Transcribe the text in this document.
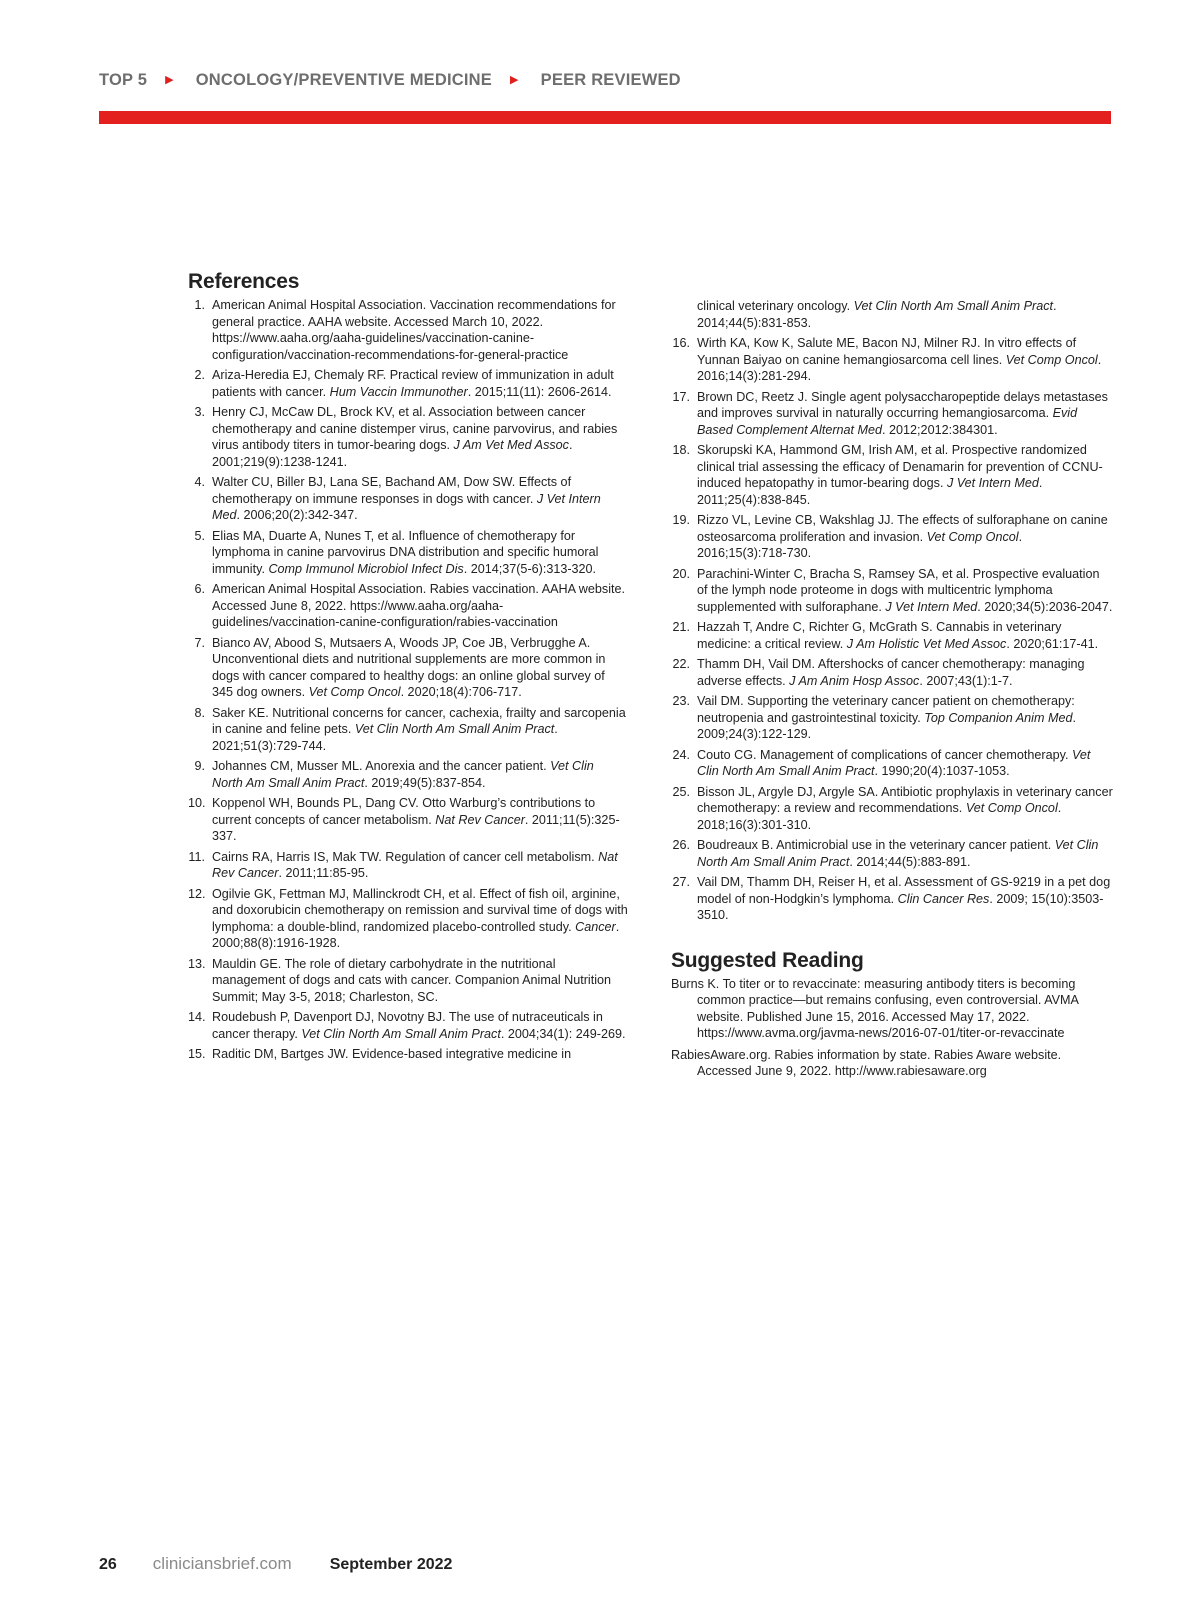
TOP 5 ▶ ONCOLOGY/PREVENTIVE MEDICINE ▶ PEER REVIEWED
References
1. American Animal Hospital Association. Vaccination recommendations for general practice. AAHA website. Accessed March 10, 2022. https://www.aaha.org/aaha-guidelines/vaccination-canine-configuration/vaccination-recommendations-for-general-practice
2. Ariza-Heredia EJ, Chemaly RF. Practical review of immunization in adult patients with cancer. Hum Vaccin Immunother. 2015;11(11): 2606-2614.
3. Henry CJ, McCaw DL, Brock KV, et al. Association between cancer chemotherapy and canine distemper virus, canine parvovirus, and rabies virus antibody titers in tumor-bearing dogs. J Am Vet Med Assoc. 2001;219(9):1238-1241.
4. Walter CU, Biller BJ, Lana SE, Bachand AM, Dow SW. Effects of chemotherapy on immune responses in dogs with cancer. J Vet Intern Med. 2006;20(2):342-347.
5. Elias MA, Duarte A, Nunes T, et al. Influence of chemotherapy for lymphoma in canine parvovirus DNA distribution and specific humoral immunity. Comp Immunol Microbiol Infect Dis. 2014;37(5-6):313-320.
6. American Animal Hospital Association. Rabies vaccination. AAHA website. Accessed June 8, 2022. https://www.aaha.org/aaha-guidelines/vaccination-canine-configuration/rabies-vaccination
7. Bianco AV, Abood S, Mutsaers A, Woods JP, Coe JB, Verbrugghe A. Unconventional diets and nutritional supplements are more common in dogs with cancer compared to healthy dogs: an online global survey of 345 dog owners. Vet Comp Oncol. 2020;18(4):706-717.
8. Saker KE. Nutritional concerns for cancer, cachexia, frailty and sarcopenia in canine and feline pets. Vet Clin North Am Small Anim Pract. 2021;51(3):729-744.
9. Johannes CM, Musser ML. Anorexia and the cancer patient. Vet Clin North Am Small Anim Pract. 2019;49(5):837-854.
10. Koppenol WH, Bounds PL, Dang CV. Otto Warburg’s contributions to current concepts of cancer metabolism. Nat Rev Cancer. 2011;11(5):325-337.
11. Cairns RA, Harris IS, Mak TW. Regulation of cancer cell metabolism. Nat Rev Cancer. 2011;11:85-95.
12. Ogilvie GK, Fettman MJ, Mallinckrodt CH, et al. Effect of fish oil, arginine, and doxorubicin chemotherapy on remission and survival time of dogs with lymphoma: a double-blind, randomized placebo-controlled study. Cancer. 2000;88(8):1916-1928.
13. Mauldin GE. The role of dietary carbohydrate in the nutritional management of dogs and cats with cancer. Companion Animal Nutrition Summit; May 3-5, 2018; Charleston, SC.
14. Roudebush P, Davenport DJ, Novotny BJ. The use of nutraceuticals in cancer therapy. Vet Clin North Am Small Anim Pract. 2004;34(1): 249-269.
15. Raditic DM, Bartges JW. Evidence-based integrative medicine in
clinical veterinary oncology. Vet Clin North Am Small Anim Pract. 2014;44(5):831-853.
16. Wirth KA, Kow K, Salute ME, Bacon NJ, Milner RJ. In vitro effects of Yunnan Baiyao on canine hemangiosarcoma cell lines. Vet Comp Oncol. 2016;14(3):281-294.
17. Brown DC, Reetz J. Single agent polysaccharopeptide delays metastases and improves survival in naturally occurring hemangiosarcoma. Evid Based Complement Alternat Med. 2012;2012:384301.
18. Skorupski KA, Hammond GM, Irish AM, et al. Prospective randomized clinical trial assessing the efficacy of Denamarin for prevention of CCNU-induced hepatopathy in tumor-bearing dogs. J Vet Intern Med. 2011;25(4):838-845.
19. Rizzo VL, Levine CB, Wakshlag JJ. The effects of sulforaphane on canine osteosarcoma proliferation and invasion. Vet Comp Oncol. 2016;15(3):718-730.
20. Parachini-Winter C, Bracha S, Ramsey SA, et al. Prospective evaluation of the lymph node proteome in dogs with multicentric lymphoma supplemented with sulforaphane. J Vet Intern Med. 2020;34(5):2036-2047.
21. Hazzah T, Andre C, Richter G, McGrath S. Cannabis in veterinary medicine: a critical review. J Am Holistic Vet Med Assoc. 2020;61:17-41.
22. Thamm DH, Vail DM. Aftershocks of cancer chemotherapy: managing adverse effects. J Am Anim Hosp Assoc. 2007;43(1):1-7.
23. Vail DM. Supporting the veterinary cancer patient on chemotherapy: neutropenia and gastrointestinal toxicity. Top Companion Anim Med. 2009;24(3):122-129.
24. Couto CG. Management of complications of cancer chemotherapy. Vet Clin North Am Small Anim Pract. 1990;20(4):1037-1053.
25. Bisson JL, Argyle DJ, Argyle SA. Antibiotic prophylaxis in veterinary cancer chemotherapy: a review and recommendations. Vet Comp Oncol. 2018;16(3):301-310.
26. Boudreaux B. Antimicrobial use in the veterinary cancer patient. Vet Clin North Am Small Anim Pract. 2014;44(5):883-891.
27. Vail DM, Thamm DH, Reiser H, et al. Assessment of GS-9219 in a pet dog model of non-Hodgkin’s lymphoma. Clin Cancer Res. 2009; 15(10):3503-3510.
Suggested Reading
Burns K. To titer or to revaccinate: measuring antibody titers is becoming common practice—but remains confusing, even controversial. AVMA website. Published June 15, 2016. Accessed May 17, 2022. https://www.avma.org/javma-news/2016-07-01/titer-or-revaccinate
RabiesAware.org. Rabies information by state. Rabies Aware website. Accessed June 9, 2022. http://www.rabiesaware.org
26 cliniciansbrief.com September 2022
